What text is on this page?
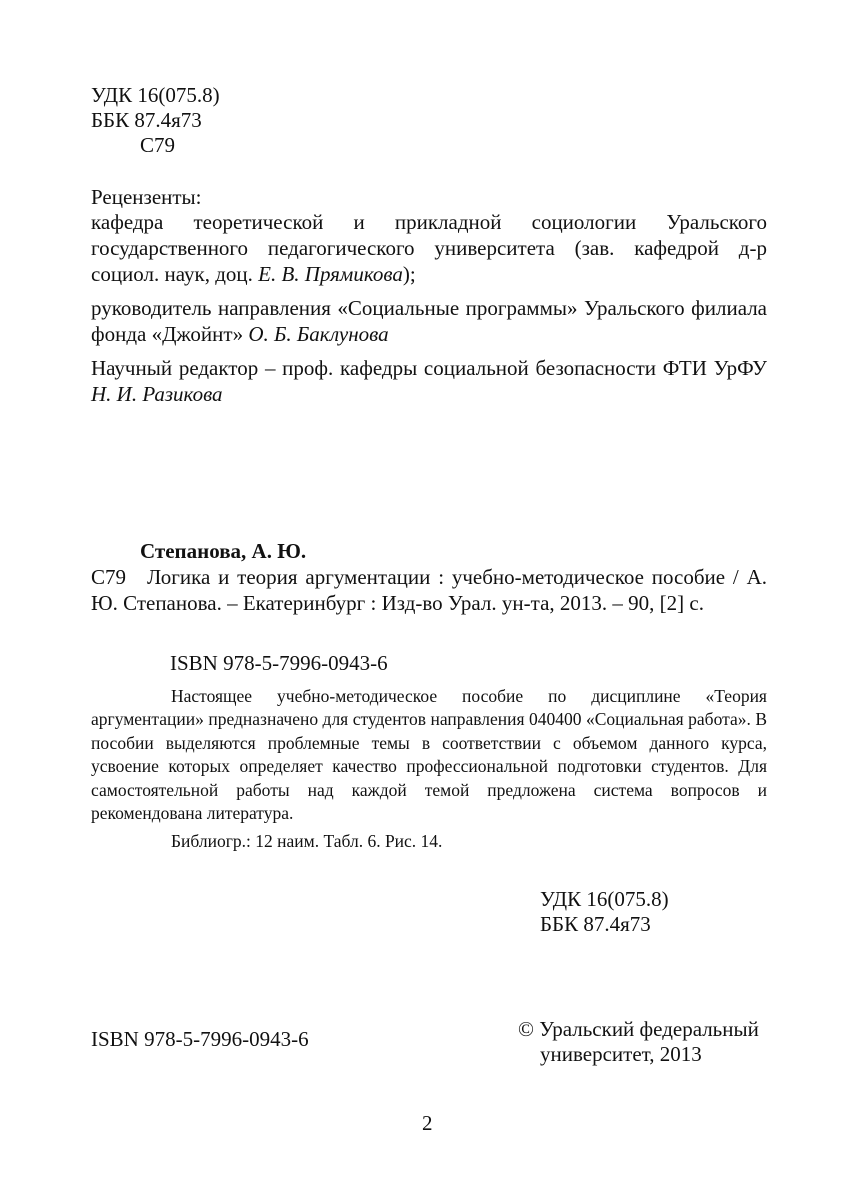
УДК 16(075.8)
ББК 87.4я73
С79
Рецензенты:
кафедра теоретической и прикладной социологии Уральского государственного педагогического университета (зав. кафедрой д-р социол. наук, доц. Е. В. Прямикова);
руководитель направления «Социальные программы» Уральского филиала фонда «Джойнт» О. Б. Баклунова
Научный редактор – проф. кафедры социальной безопасности ФТИ УрФУ Н. И. Разикова
Степанова, А. Ю.
С79 Логика и теория аргументации : учебно-методическое пособие / А. Ю. Степанова. – Екатеринбург : Изд-во Урал. ун-та, 2013. – 90, [2] с.
ISBN 978-5-7996-0943-6
Настоящее учебно-методическое пособие по дисциплине «Теория аргументации» предназначено для студентов направления 040400 «Социальная работа». В пособии выделяются проблемные темы в соответствии с объемом данного курса, усвоение которых определяет качество профессиональной подготовки студентов. Для самостоятельной работы над каждой темой предложена система вопросов и рекомендована литература.
Библиогр.: 12 наим. Табл. 6. Рис. 14.
УДК 16(075.8)
ББК 87.4я73
ISBN 978-5-7996-0943-6	© Уральский федеральный
университет, 2013
2
